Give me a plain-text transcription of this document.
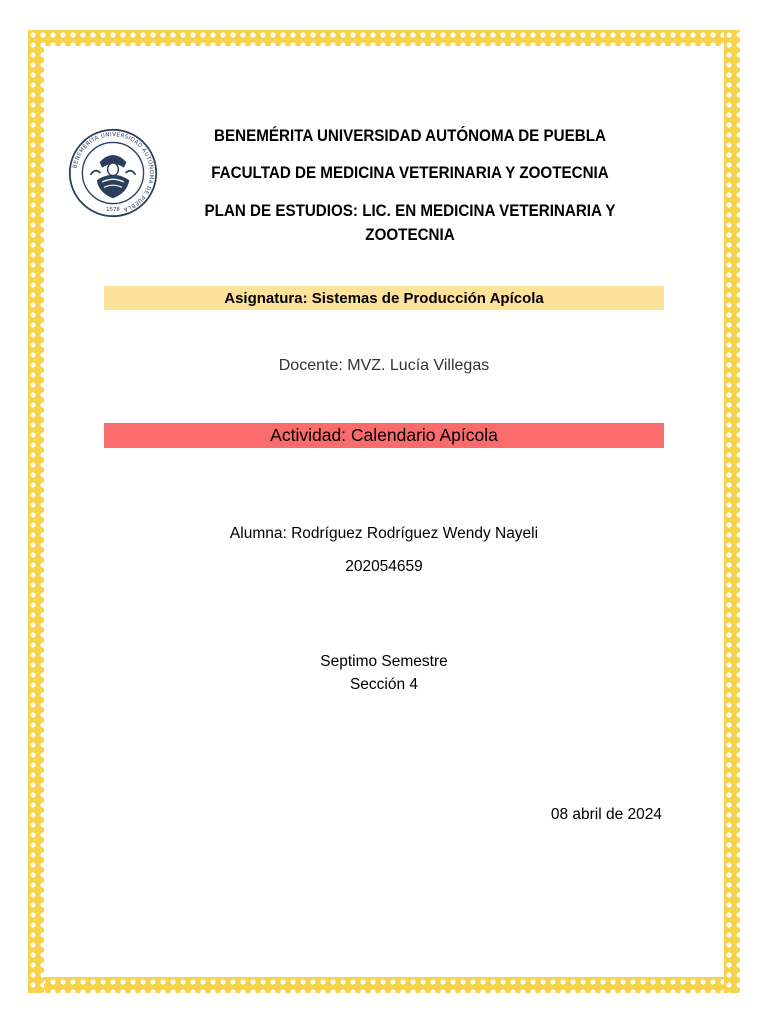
BENEMÉRITA UNIVERSIDAD AUTÓNOMA DE PUEBLA
1578
BENEMÉRITA UNIVERSIDAD AUTÓNOMA DE PUEBLA
FACULTAD DE MEDICINA VETERINARIA Y ZOOTECNIA
PLAN DE ESTUDIOS: LIC. EN MEDICINA VETERINARIA Y ZOOTECNIA
Asignatura: Sistemas de Producción Apícola
Docente: MVZ. Lucía Villegas
Actividad: Calendario Apícola
Alumna: Rodríguez Rodríguez Wendy Nayeli
202054659
Septimo Semestre
Sección 4
08 abril de 2024
